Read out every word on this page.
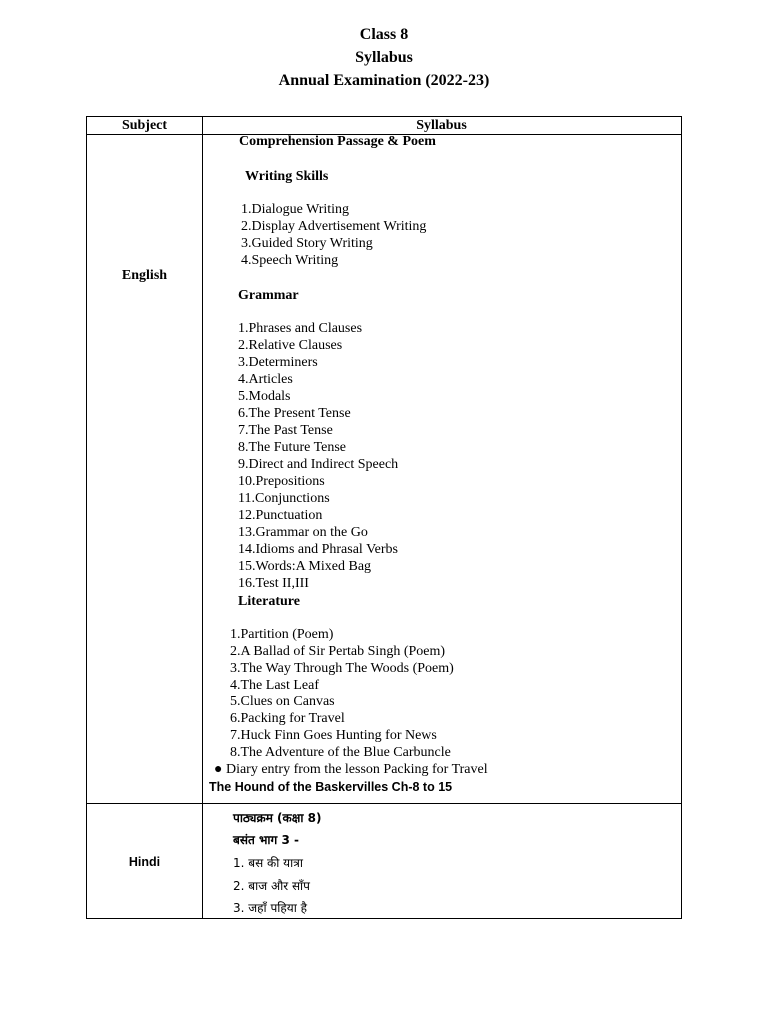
Class 8
Syllabus
Annual Examination (2022-23)
Subject	Syllabus
English
Comprehension Passage & Poem
Writing Skills
1.Dialogue Writing
2.Display Advertisement Writing
3.Guided Story Writing
4.Speech Writing
Grammar
1.Phrases and Clauses
2.Relative Clauses
3.Determiners
4.Articles
5.Modals
6.The Present Tense
7.The Past Tense
8.The Future Tense
9.Direct and Indirect Speech
10.Prepositions
11.Conjunctions
12.Punctuation
13.Grammar on the Go
14.Idioms and Phrasal Verbs
15.Words:A Mixed Bag
16.Test II,III
Literature
1.Partition (Poem)
2.A Ballad of Sir Pertab Singh (Poem)
3.The Way Through The Woods (Poem)
4.The Last Leaf
5.Clues on Canvas
6.Packing for Travel
7.Huck Finn Goes Hunting for News
8.The Adventure of the Blue Carbuncle
● Diary entry from the lesson Packing for Travel
The Hound of the Baskervilles Ch-8 to 15
Hindi
पाठ्यक्रम (कक्षा 8)
बसंत भाग 3 -
1. बस की यात्रा
2. बाज और साँप
3. जहाँ पहिया है
